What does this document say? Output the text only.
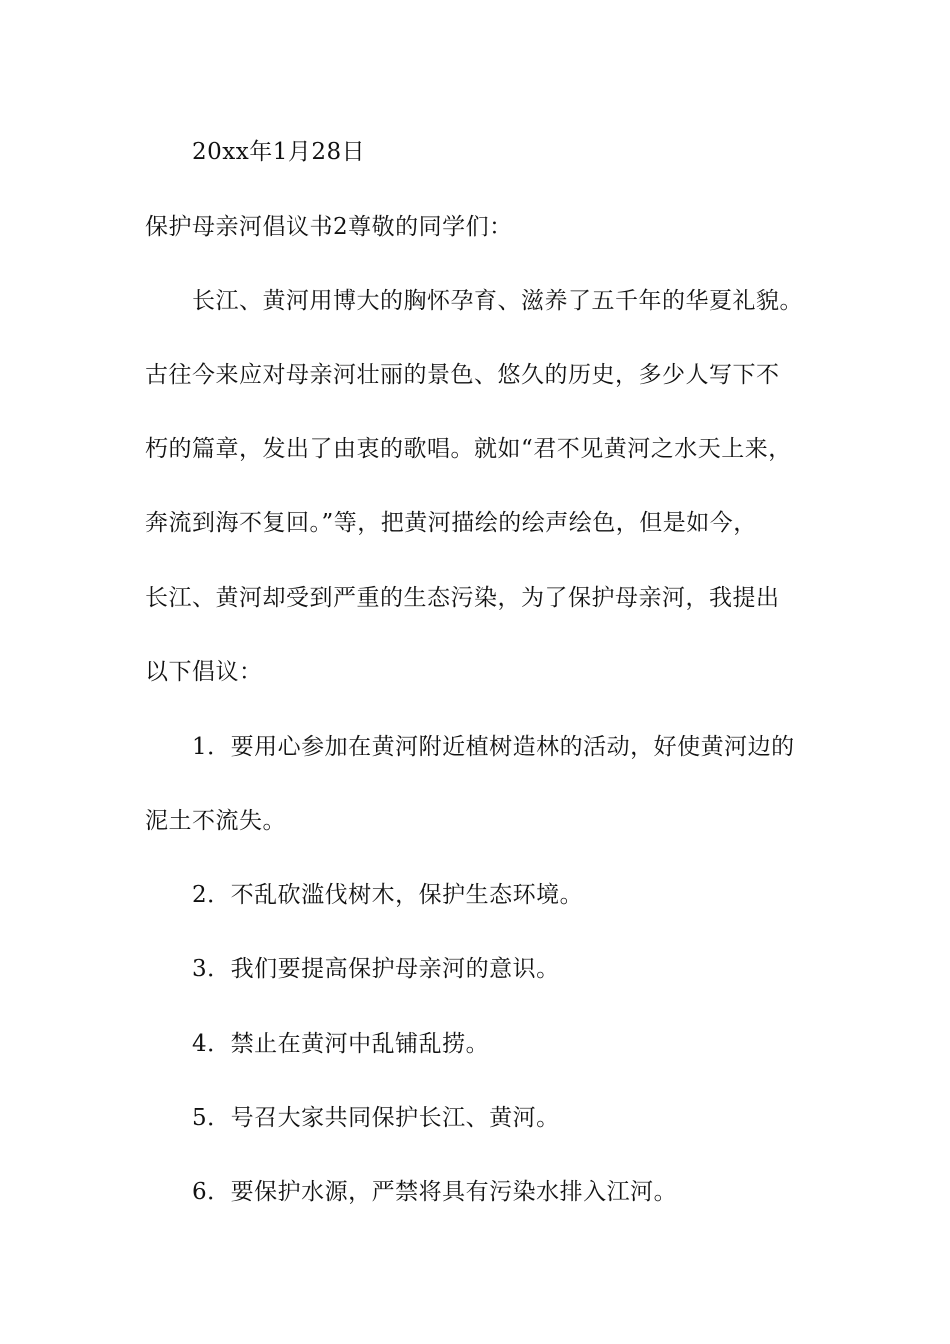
20xx年1月28日
保护母亲河倡议书2尊敬的同学们：
长江、黄河用博大的胸怀孕育、滋养了五千年的华夏礼貌。
古往今来应对母亲河壮丽的景色、悠久的历史，多少人写下不
朽的篇章，发出了由衷的歌唱。就如“君不见黄河之水天上来，
奔流到海不复回。”等，把黄河描绘的绘声绘色，但是如今，
长江、黄河却受到严重的生态污染，为了保护母亲河，我提出
以下倡议：
1．要用心参加在黄河附近植树造林的活动，好使黄河边的
泥土不流失。
2．不乱砍滥伐树木，保护生态环境。
3．我们要提高保护母亲河的意识。
4．禁止在黄河中乱铺乱捞。
5．号召大家共同保护长江、黄河。
6．要保护水源，严禁将具有污染水排入江河。
